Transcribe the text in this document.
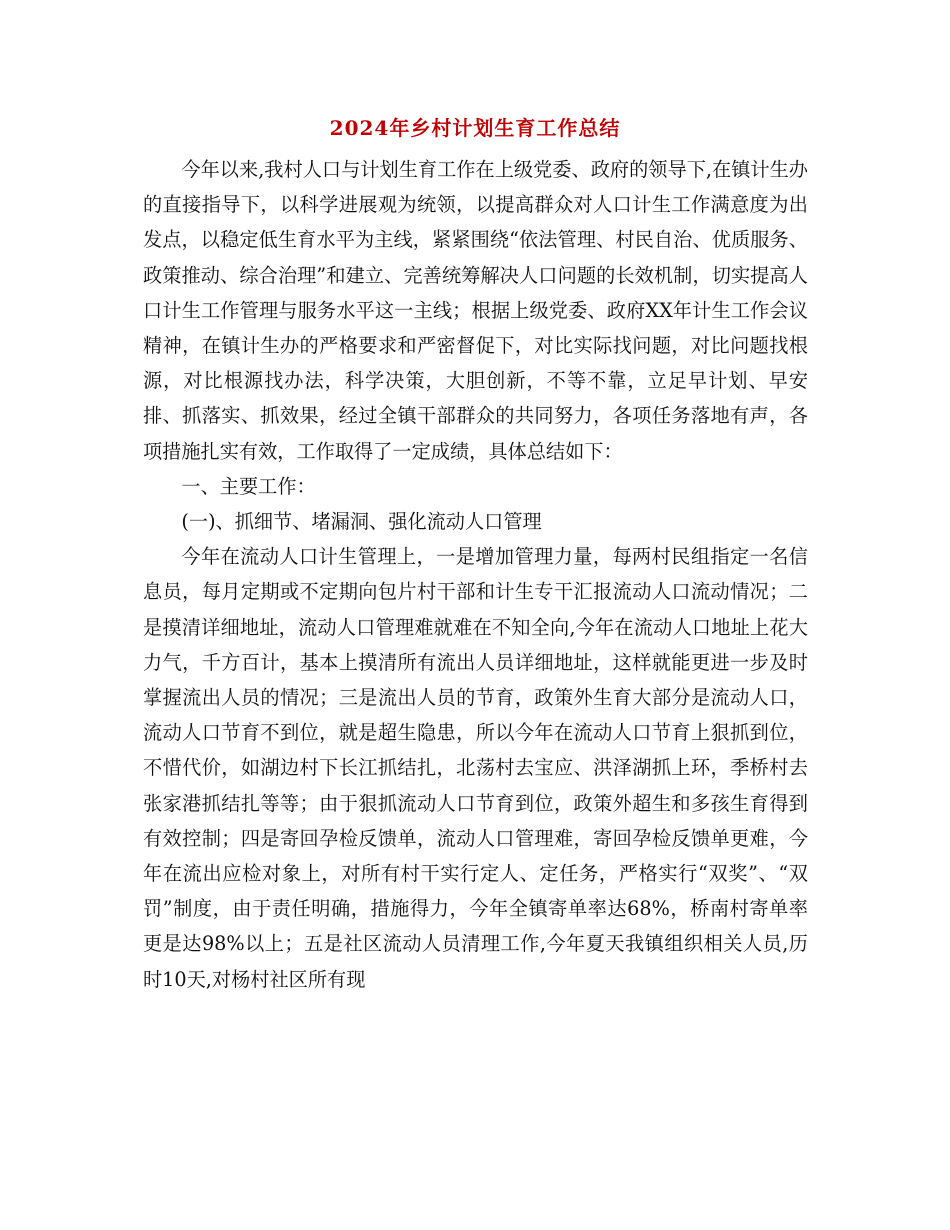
2024年乡村计划生育工作总结

今年以来,我村人口与计划生育工作在上级党委、政府的领导下,在镇计生办的直接指导下，以科学进展观为统领，以提高群众对人口计生工作满意度为出发点，以稳定低生育水平为主线，紧紧围绕“依法管理、村民自治、优质服务、政策推动、综合治理”和建立、完善统筹解决人口问题的长效机制，切实提高人口计生工作管理与服务水平这一主线；根据上级党委、政府XX年计生工作会议精神，在镇计生办的严格要求和严密督促下，对比实际找问题，对比问题找根源，对比根源找办法，科学决策，大胆创新，不等不靠，立足早计划、早安排、抓落实、抓效果，经过全镇干部群众的共同努力，各项任务落地有声，各项措施扎实有效，工作取得了一定成绩，具体总结如下：

一、主要工作：

(一)、抓细节、堵漏洞、强化流动人口管理

今年在流动人口计生管理上，一是增加管理力量，每两村民组指定一名信息员，每月定期或不定期向包片村干部和计生专干汇报流动人口流动情况；二是摸清详细地址，流动人口管理难就难在不知全向,今年在流动人口地址上花大力气，千方百计，基本上摸清所有流出人员详细地址，这样就能更进一步及时掌握流出人员的情况；三是流出人员的节育，政策外生育大部分是流动人口，流动人口节育不到位，就是超生隐患，所以今年在流动人口节育上狠抓到位，不惜代价，如湖边村下长江抓结扎，北荡村去宝应、洪泽湖抓上环，季桥村去张家港抓结扎等等；由于狠抓流动人口节育到位，政策外超生和多孩生育得到有效控制；四是寄回孕检反馈单，流动人口管理难，寄回孕检反馈单更难，今年在流出应检对象上，对所有村干实行定人、定任务，严格实行“双奖”、“双罚”制度，由于责任明确，措施得力，今年全镇寄单率达68%，桥南村寄单率更是达98%以上；五是社区流动人员清理工作,今年夏天我镇组织相关人员,历时10天,对杨村社区所有现
